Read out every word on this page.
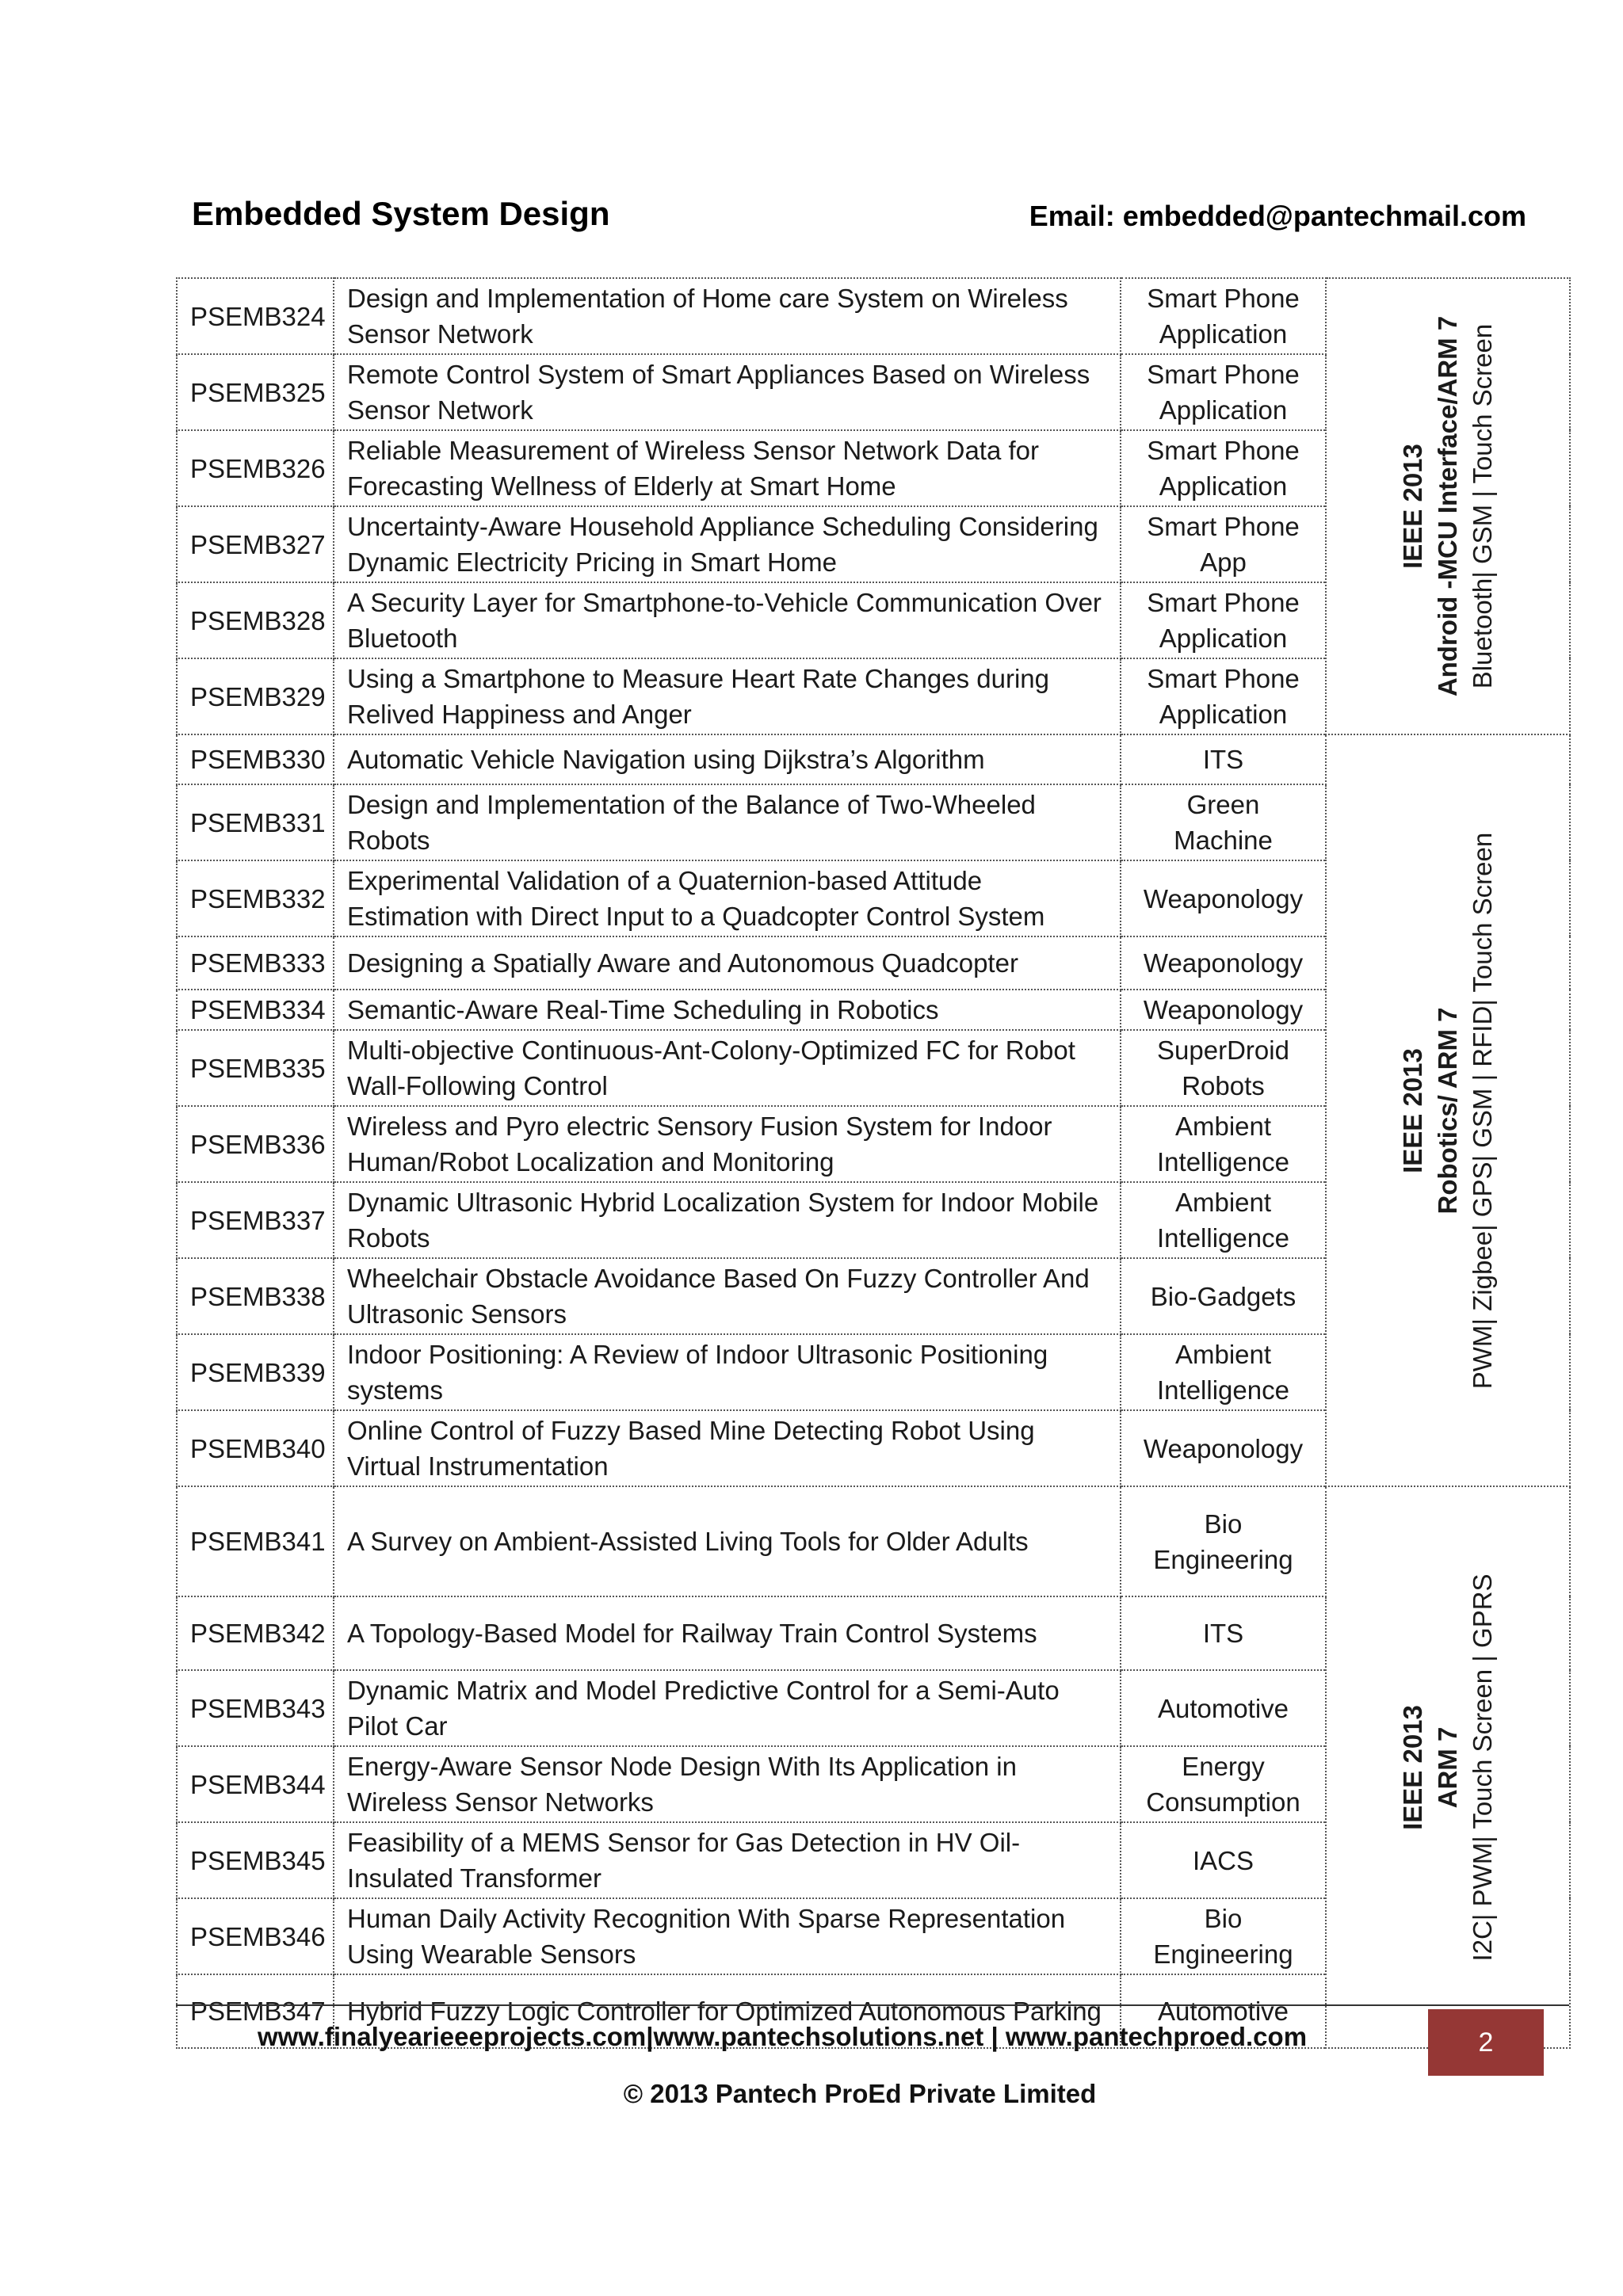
Embedded System Design	Email: embedded@pantechmail.com
PSEMB324	Design and Implementation of Home care System on Wireless Sensor Network	Smart Phone Application	IEEE 2013 Android -MCU Interface/ARM 7 Bluetooth| GSM | Touch Screen

PSEMB325	Remote Control System of Smart Appliances Based on Wireless Sensor Network	Smart Phone Application	
PSEMB326	Reliable Measurement of Wireless Sensor Network Data for Forecasting Wellness of Elderly at Smart Home	Smart Phone Application	
PSEMB327	Uncertainty-Aware Household Appliance Scheduling Considering Dynamic Electricity Pricing in Smart Home	Smart Phone App	
PSEMB328	A Security Layer for Smartphone-to-Vehicle Communication Over Bluetooth	Smart Phone Application	
PSEMB329	Using a Smartphone to Measure Heart Rate Changes during Relived Happiness and Anger	Smart Phone Application	
PSEMB330	Automatic Vehicle Navigation using Dijkstra’s Algorithm	ITS	IEEE 2013 Robotics/ ARM 7 PWM| Zigbee| GPS| GSM | RFID| Touch Screen

PSEMB331	Design and Implementation of the Balance of Two-Wheeled Robots	Green Machine	
PSEMB332	Experimental Validation of a Quaternion-based Attitude Estimation with Direct Input to a Quadcopter Control System	Weaponology	
PSEMB333	Designing a Spatially Aware and Autonomous Quadcopter	Weaponology	
PSEMB334	Semantic-Aware Real-Time Scheduling in Robotics	Weaponology	
PSEMB335	Multi-objective Continuous-Ant-Colony-Optimized FC for Robot Wall-Following Control	SuperDroid Robots	
PSEMB336	Wireless and Pyro electric Sensory Fusion System for Indoor Human/Robot Localization and Monitoring	Ambient Intelligence	
PSEMB337	Dynamic Ultrasonic Hybrid Localization System for Indoor Mobile Robots	Ambient Intelligence	
PSEMB338	Wheelchair Obstacle Avoidance Based On Fuzzy Controller And Ultrasonic Sensors	Bio-Gadgets	
PSEMB339	Indoor Positioning: A Review of Indoor Ultrasonic Positioning systems	Ambient Intelligence	
PSEMB340	Online Control of Fuzzy Based Mine Detecting Robot Using Virtual Instrumentation	Weaponology	
PSEMB341	A Survey on Ambient-Assisted Living Tools for Older Adults	Bio Engineering	IEEE 2013 ARM 7 I2C| PWM| Touch Screen | GPRS

PSEMB342	A Topology-Based Model for Railway Train Control Systems	ITS	
PSEMB343	Dynamic Matrix and Model Predictive Control for a Semi-Auto Pilot Car	Automotive	
PSEMB344	Energy-Aware Sensor Node Design With Its Application in Wireless Sensor Networks	Energy Consumption	
PSEMB345	Feasibility of a MEMS Sensor for Gas Detection in HV Oil-Insulated Transformer	IACS	
PSEMB346	Human Daily Activity Recognition With Sparse Representation Using Wearable Sensors	Bio Engineering	
PSEMB347	Hybrid Fuzzy Logic Controller for Optimized Autonomous Parking	Automotive	
www.finalyearieeeprojects.com|www.pantechsolutions.net | www.pantechproed.com	2
© 2013 Pantech ProEd Private Limited
